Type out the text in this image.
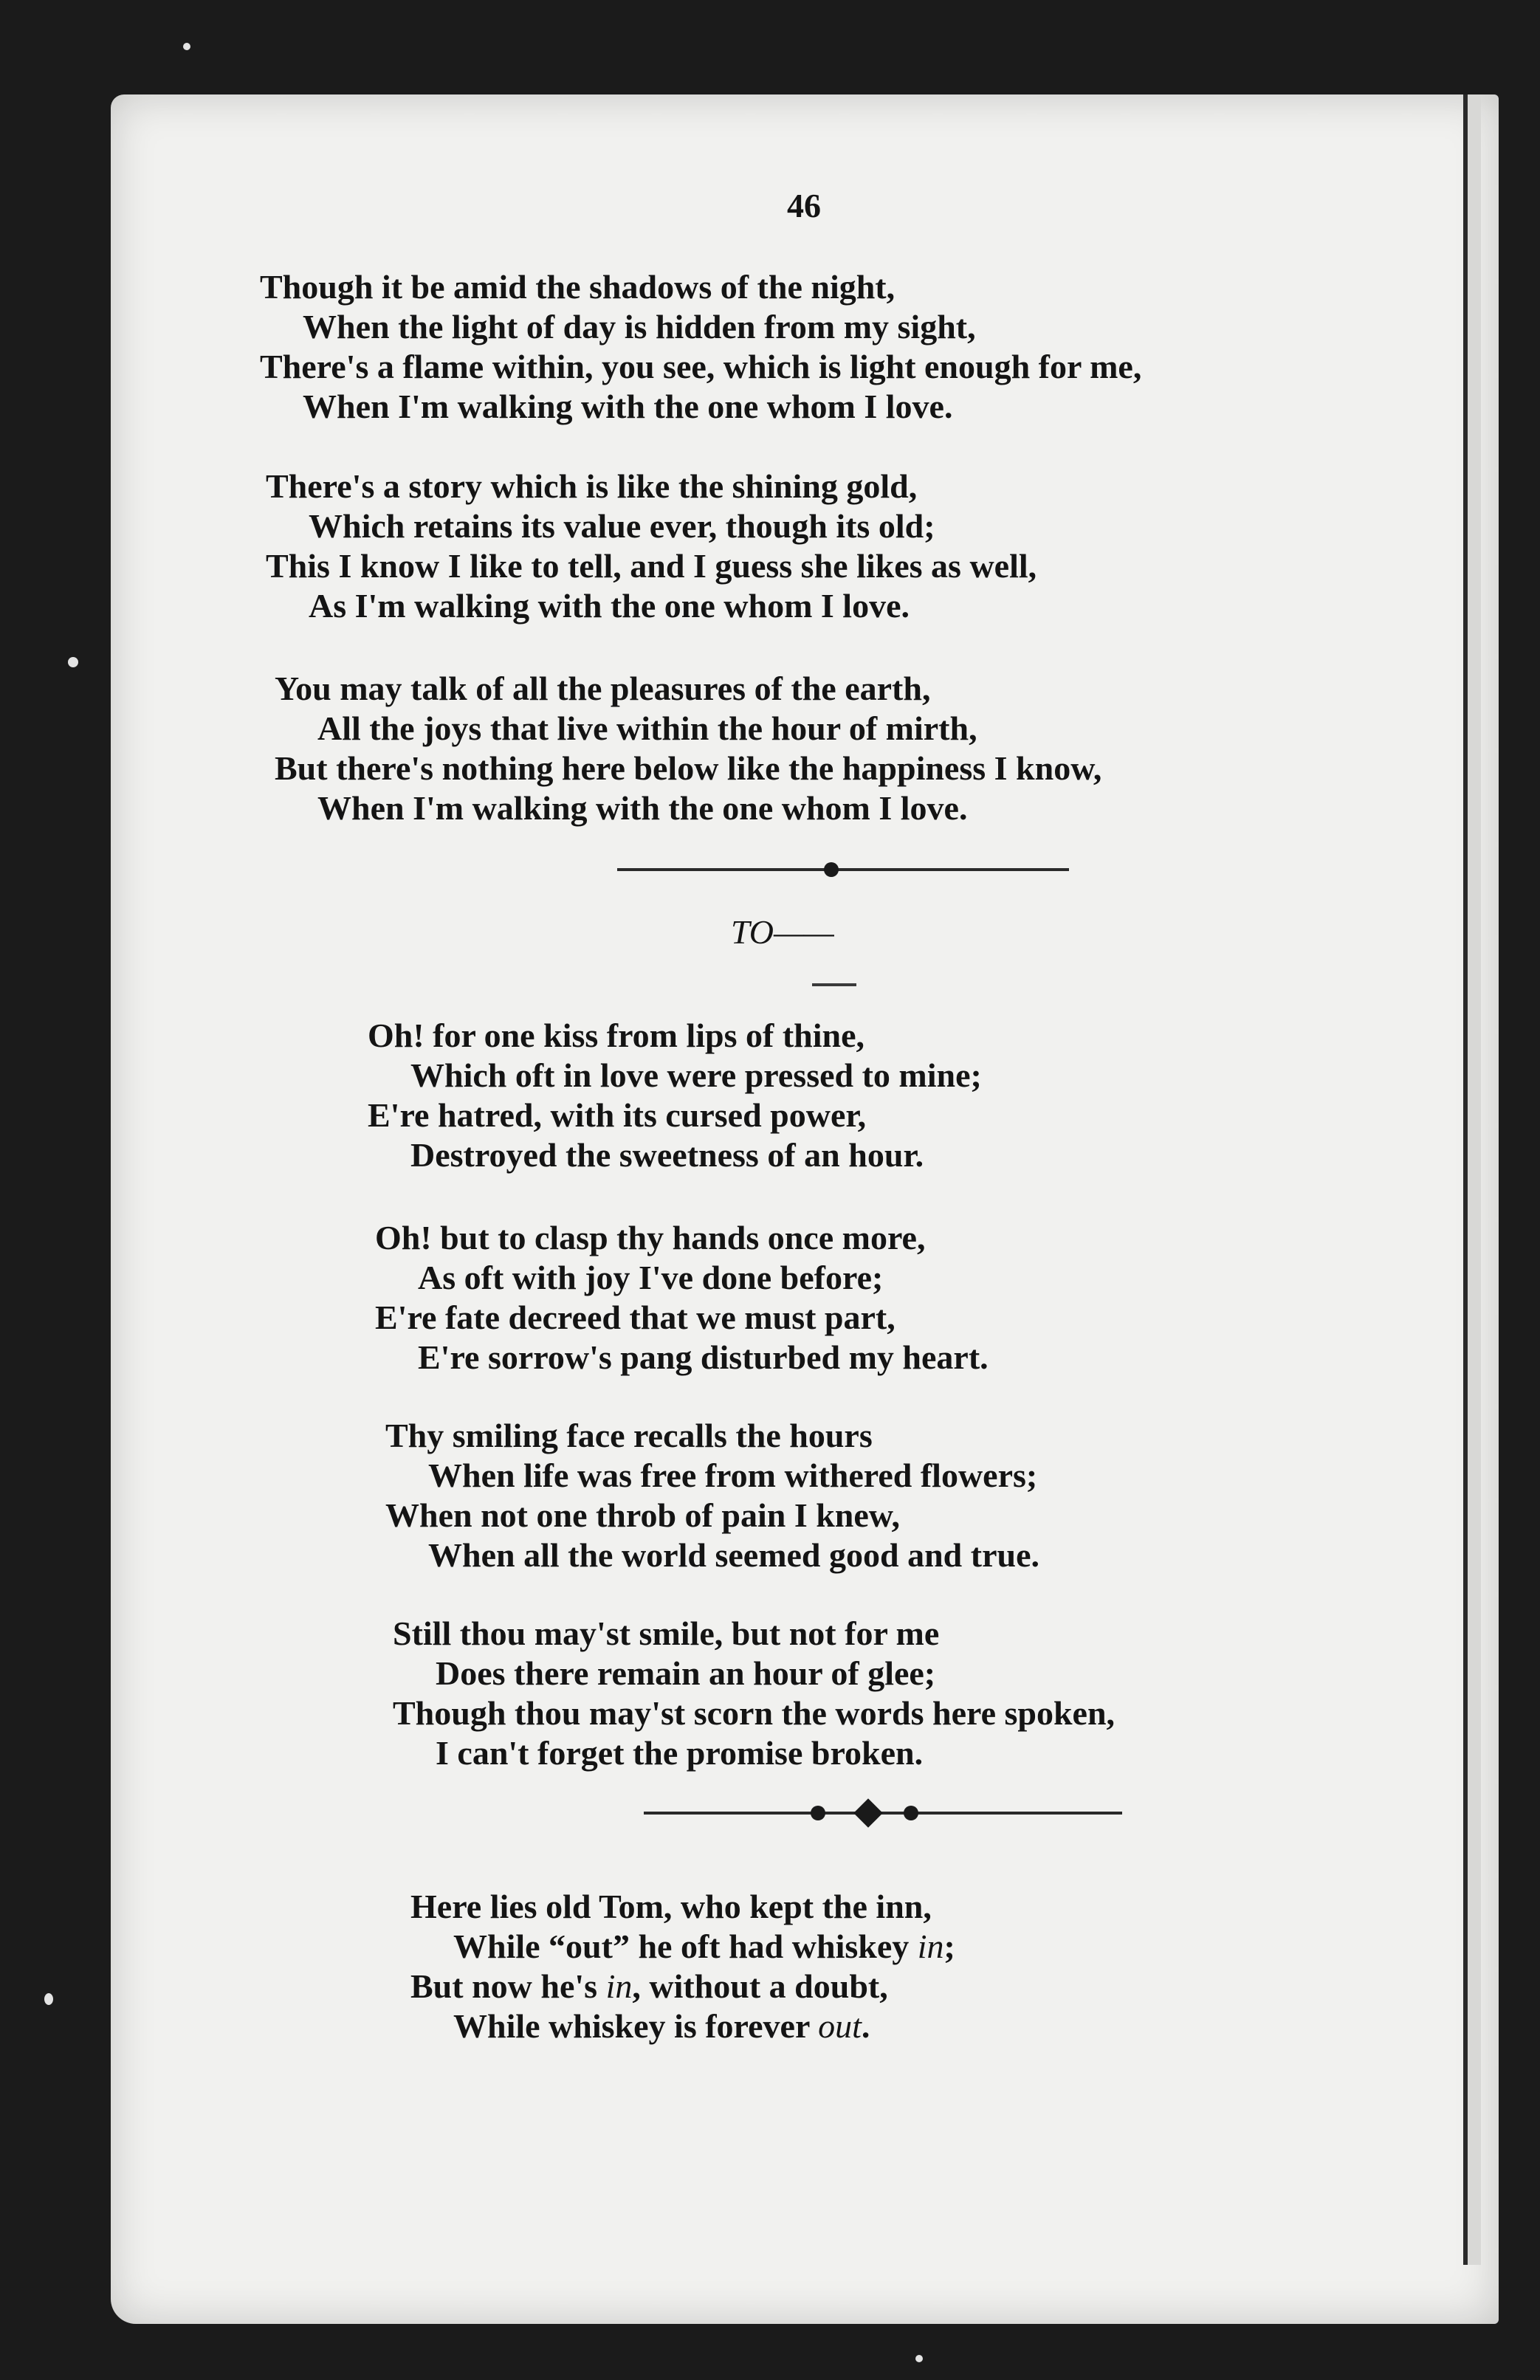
46
Though it be amid the shadows of the night,
When the light of day is hidden from my sight,
There's a flame within, you see, which is light enough for me,
When I'm walking with the one whom I love.
There's a story which is like the shining gold,
Which retains its value ever, though its old;
This I know I like to tell, and I guess she likes as well,
As I'm walking with the one whom I love.
You may talk of all the pleasures of the earth,
All the joys that live within the hour of mirth,
But there's nothing here below like the happiness I know,
When I'm walking with the one whom I love.
TO——
Oh! for one kiss from lips of thine,
Which oft in love were pressed to mine;
E're hatred, with its cursed power,
Destroyed the sweetness of an hour.
Oh! but to clasp thy hands once more,
As oft with joy I've done before;
E're fate decreed that we must part,
E're sorrow's pang disturbed my heart.
Thy smiling face recalls the hours
When life was free from withered flowers;
When not one throb of pain I knew,
When all the world seemed good and true.
Still thou may'st smile, but not for me
Does there remain an hour of glee;
Though thou may'st scorn the words here spoken,
I can't forget the promise broken.
Here lies old Tom, who kept the inn,
While “out” he oft had whiskey in;
But now he's in, without a doubt,
While whiskey is forever out.
